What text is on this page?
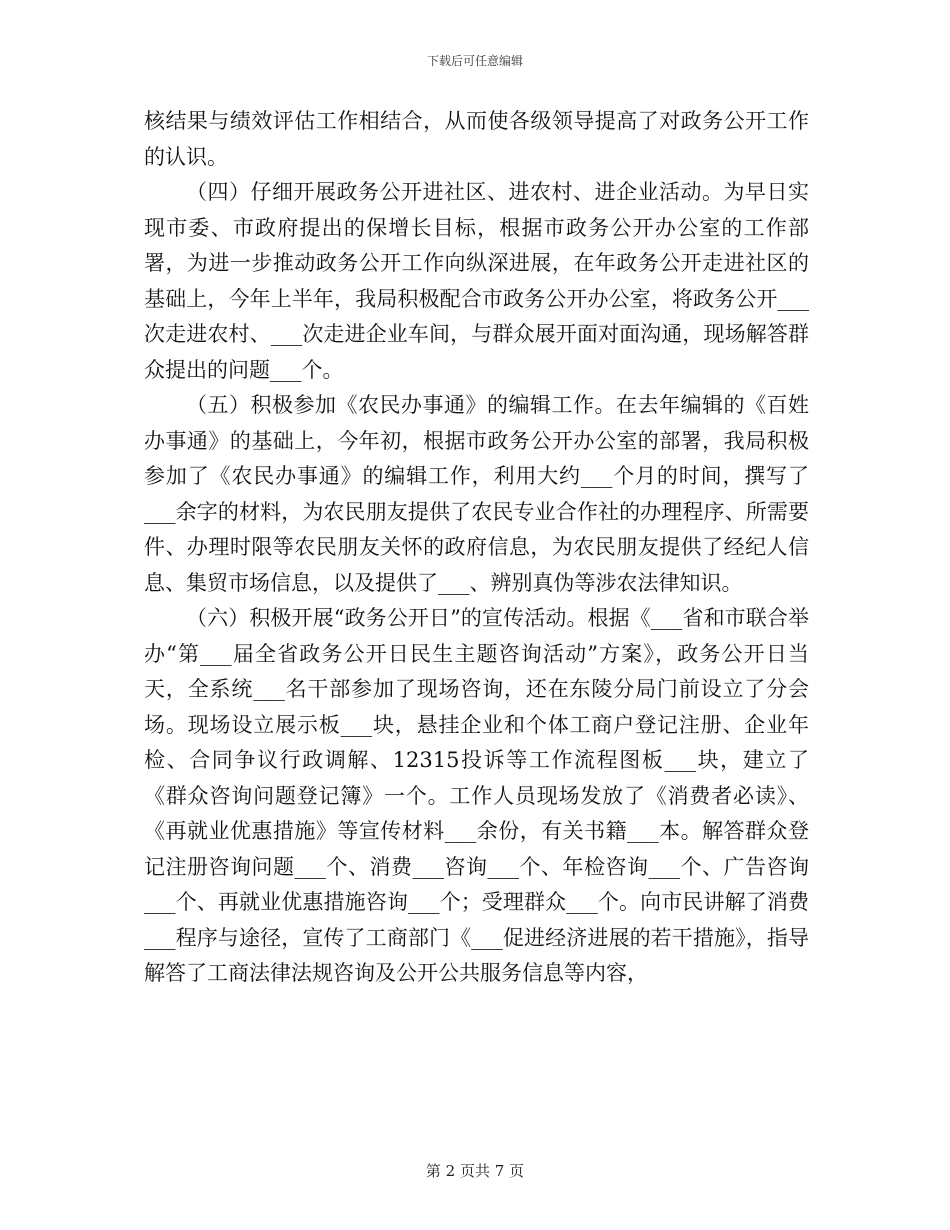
下载后可任意编辑

核结果与绩效评估工作相结合，从而使各级领导提高了对政务公开工作的认识。

（四）仔细开展政务公开进社区、进农村、进企业活动。为早日实现市委、市政府提出的保增长目标，根据市政务公开办公室的工作部署，为进一步推动政务公开工作向纵深进展，在年政务公开走进社区的基础上，今年上半年，我局积极配合市政务公开办公室，将政务公开___次走进农村、___次走进企业车间，与群众展开面对面沟通，现场解答群众提出的问题___个。

（五）积极参加《农民办事通》的编辑工作。在去年编辑的《百姓办事通》的基础上，今年初，根据市政务公开办公室的部署，我局积极参加了《农民办事通》的编辑工作，利用大约___个月的时间，撰写了___余字的材料，为农民朋友提供了农民专业合作社的办理程序、所需要件、办理时限等农民朋友关怀的政府信息，为农民朋友提供了经纪人信息、集贸市场信息，以及提供了___、辨别真伪等涉农法律知识。

（六）积极开展“政务公开日”的宣传活动。根据《___省和市联合举办“第___届全省政务公开日民生主题咨询活动”方案》，政务公开日当天，全系统___名干部参加了现场咨询，还在东陵分局门前设立了分会场。现场设立展示板___块，悬挂企业和个体工商户登记注册、企业年检、合同争议行政调解、12315投诉等工作流程图板___块，建立了《群众咨询问题登记簿》一个。工作人员现场发放了《消费者必读》、《再就业优惠措施》等宣传材料___余份，有关书籍___本。解答群众登记注册咨询问题___个、消费___咨询___个、年检咨询___个、广告咨询___个、再就业优惠措施咨询___个；受理群众___个。向市民讲解了消费___程序与途径，宣传了工商部门《___促进经济进展的若干措施》，指导解答了工商法律法规咨询及公开公共服务信息等内容，

第 2 页共 7 页
